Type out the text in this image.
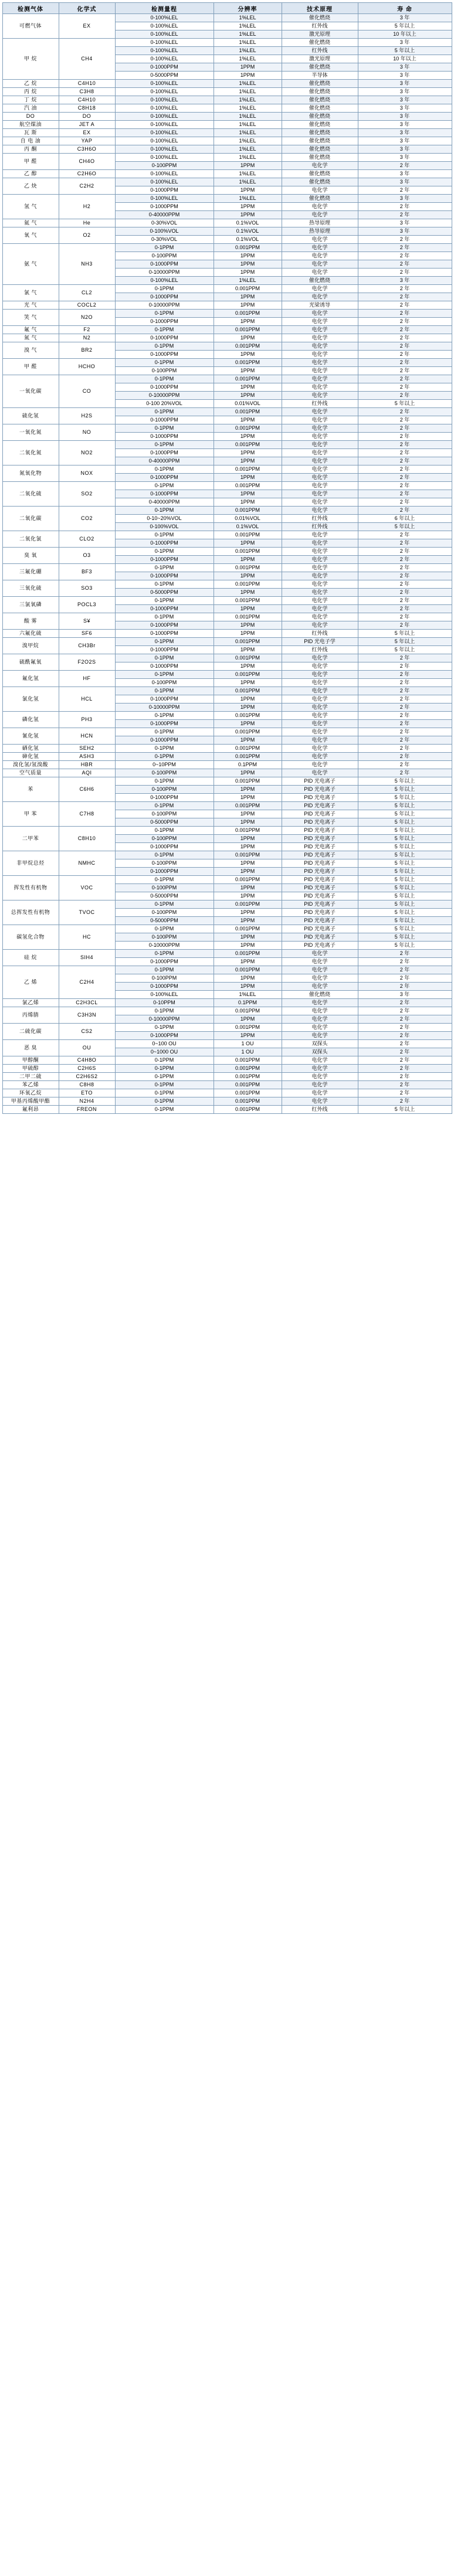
检测气体	化学式	检测量程	分辨率	技术原理	寿 命
可燃气体	EX	0-100%LEL	1%LEL	催化燃烧	3 年
		0-100%LEL	1%LEL	红外线	5 年以上
		0-100%LEL	1%LEL	激光原理	10 年以上
甲 烷	CH4	0-100%LEL	1%LEL	催化燃烧	3 年
		0-100%LEL	1%LEL	红外线	5 年以上
		0-100%LEL	1%LEL	激光原理	10 年以上
		0-1000PPM	1PPM	催化燃烧	3 年
		0-5000PPM	1PPM	半导体	3 年
乙 烷	C4H10	0-100%LEL	1%LEL	催化燃烧	3 年
丙 烷	C3H8	0-100%LEL	1%LEL	催化燃烧	3 年
丁 烷	C4H10	0-100%LEL	1%LEL	催化燃烧	3 年
汽 油	C8H18	0-100%LEL	1%LEL	催化燃烧	3 年
DO	DO	0-100%LEL	1%LEL	催化燃烧	3 年
航空煤油	JET A	0-100%LEL	1%LEL	催化燃烧	3 年
瓦 斯	EX	0-100%LEL	1%LEL	催化燃烧	3 年
自 电 油	YAP	0-100%LEL	1%LEL	催化燃烧	3 年
丙 酮	C3H6O	0-100%LEL	1%LEL	催化燃烧	3 年
甲 醛	CH4O	0-100%LEL	1%LEL	催化燃烧	3 年
		0-100PPM	1PPM	电化学	2 年
乙 醇	C2H6O	0-100%LEL	1%LEL	催化燃烧	3 年
乙 炔	C2H2	0-100%LEL	1%LEL	催化燃烧	3 年
		0-1000PPM	1PPM	电化学	2 年
氢 气	H2	0-100%LEL	1%LEL	催化燃烧	3 年
		0-1000PPM	1PPM	电化学	2 年
		0-40000PPM	1PPM	电化学	2 年
氦 气	He	0-30%VOL	0.1%VOL	热导原理	3 年
氧 气	O2	0-100%VOL	0.1%VOL	热导原理	3 年
		0-30%VOL	0.1%VOL	电化学	2 年
氨 气	NH3	0-1PPM	0.001PPM	电化学	2 年
		0-100PPM	1PPM	电化学	2 年
		0-1000PPM	1PPM	电化学	2 年
		0-10000PPM	1PPM	电化学	2 年
		0-100%LEL	1%LEL	催化燃烧	3 年
氯 气	CL2	0-1PPM	0.001PPM	电化学	2 年
		0-1000PPM	1PPM	电化学	2 年
光 气	COCL2	0-10000PPM	1PPM	光梁诱导	2 年
笑 气	N2O	0-1PPM	0.001PPM	电化学	2 年
		0-1000PPM	1PPM	电化学	2 年
氟 气	F2	0-1PPM	0.001PPM	电化学	2 年
氮 气	N2	0-1000PPM	1PPM	电化学	2 年
溴 气	BR2	0-1PPM	0.001PPM	电化学	2 年
		0-1000PPM	1PPM	电化学	2 年
甲 醛	HCHO	0-1PPM	0.001PPM	电化学	2 年
		0-100PPM	1PPM	电化学	2 年
一氧化碳	CO	0-1PPM	0.001PPM	电化学	2 年
		0-1000PPM	1PPM	电化学	2 年
		0-10000PPM	1PPM	电化学	2 年
		0-100 20%VOL	0.01%VOL	红外线	5 年以上
硫化氢	H2S	0-1PPM	0.001PPM	电化学	2 年
		0-1000PPM	1PPM	电化学	2 年
一氧化氮	NO	0-1PPM	0.001PPM	电化学	2 年
		0-1000PPM	1PPM	电化学	2 年
二氧化氮	NO2	0-1PPM	0.001PPM	电化学	2 年
		0-1000PPM	1PPM	电化学	2 年
		0-40000PPM	1PPM	电化学	2 年
氮氧化物	NOX	0-1PPM	0.001PPM	电化学	2 年
		0-1000PPM	1PPM	电化学	2 年
二氧化硫	SO2	0-1PPM	0.001PPM	电化学	2 年
		0-1000PPM	1PPM	电化学	2 年
		0-40000PPM	1PPM	电化学	2 年
二氧化碳	CO2	0-1PPM	0.001PPM	电化学	2 年
		0-10~20%VOL	0.01%VOL	红外线	6 年以上
		0-100%VOL	0.1%VOL	红外线	5 年以上
二氧化氯	CLO2	0-1PPM	0.001PPM	电化学	2 年
		0-1000PPM	1PPM	电化学	2 年
臭 氧	O3	0-1PPM	0.001PPM	电化学	2 年
		0-1000PPM	1PPM	电化学	2 年
三氟化硼	BF3	0-1PPM	0.001PPM	电化学	2 年
		0-1000PPM	1PPM	电化学	2 年
三氧化硫	SO3	0-1PPM	0.001PPM	电化学	2 年
		0-5000PPM	1PPM	电化学	2 年
三氯氧磷	POCL3	0-1PPM	0.001PPM	电化学	2 年
		0-1000PPM	1PPM	电化学	2 年
酸 雾	S¥	0-1PPM	0.001PPM	电化学	2 年
		0-1000PPM	1PPM	电化学	2 年
六氟化硫	SF6	0-1000PPM	1PPM	红外线	5 年以上
溴甲烷	CH3Br	0-1PPM	0.001PPM	PID 光电子学	5 年以上
		0-1000PPM	1PPM	红外线	5 年以上
硫酰氟氧	F2O2S	0-1PPM	0.001PPM	电化学	2 年
		0-1000PPM	1PPM	电化学	2 年
氟化氢	HF	0-1PPM	0.001PPM	电化学	2 年
		0-100PPM	1PPM	电化学	2 年
氯化氢	HCL	0-1PPM	0.001PPM	电化学	2 年
		0-1000PPM	1PPM	电化学	2 年
		0-10000PPM	1PPM	电化学	2 年
磷化氢	PH3	0-1PPM	0.001PPM	电化学	2 年
		0-1000PPM	1PPM	电化学	2 年
氰化氢	HCN	0-1PPM	0.001PPM	电化学	2 年
		0-1000PPM	1PPM	电化学	2 年
硒化氢	SEH2	0-1PPM	0.001PPM	电化学	2 年
砷化氢	ASH3	0-1PPM	0.001PPM	电化学	2 年
溴化氢/氢溴酸	HBR	0~10PPM	0.1PPM	电化学	2 年
空气质量	AQI	0-100PPM	1PPM	电化学	2 年
苯	C6H6	0-1PPM	0.001PPM	PID 光电离子	5 年以上
		0-100PPM	1PPM	PID 光电离子	5 年以上
		0-1000PPM	1PPM	PID 光电离子	5 年以上
甲 苯	C7H8	0-1PPM	0.001PPM	PID 光电离子	5 年以上
		0-100PPM	1PPM	PID 光电离子	5 年以上
		0-5000PPM	1PPM	PID 光电离子	5 年以上
二甲苯	C8H10	0-1PPM	0.001PPM	PID 光电离子	5 年以上
		0-100PPM	1PPM	PID 光电离子	5 年以上
		0-1000PPM	1PPM	PID 光电离子	5 年以上
非甲烷总烃	NMHC	0-1PPM	0.001PPM	PID 光电离子	5 年以上
		0-100PPM	1PPM	PID 光电离子	5 年以上
		0-1000PPM	1PPM	PID 光电离子	5 年以上
挥发性有机物	VOC	0-1PPM	0.001PPM	PID 光电离子	5 年以上
		0-100PPM	1PPM	PID 光电离子	5 年以上
		0-5000PPM	1PPM	PID 光电离子	5 年以上
总挥发性有机物	TVOC	0-1PPM	0.001PPM	PID 光电离子	5 年以上
		0-100PPM	1PPM	PID 光电离子	5 年以上
		0-5000PPM	1PPM	PID 光电离子	5 年以上
碳氢化合物	HC	0-1PPM	0.001PPM	PID 光电离子	5 年以上
		0-100PPM	1PPM	PID 光电离子	5 年以上
		0-10000PPM	1PPM	PID 光电离子	5 年以上
硅 烷	SIH4	0-1PPM	0.001PPM	电化学	2 年
		0-1000PPM	1PPM	电化学	2 年
乙 烯	C2H4	0-1PPM	0.001PPM	电化学	2 年
		0-100PPM	1PPM	电化学	2 年
		0-1000PPM	1PPM	电化学	2 年
		0-100%LEL	1%LEL	催化燃烧	3 年
氯乙烯	C2H3CL	0-10PPM	0.1PPM	电化学	2 年
丙烯腈	C3H3N	0-1PPM	0.001PPM	电化学	2 年
		0-10000PPM	1PPM	电化学	2 年
二硫化碳	CS2	0-1PPM	0.001PPM	电化学	2 年
		0-1000PPM	1PPM	电化学	2 年
恶 臭	OU	0~100 OU	1 OU	双探头	2 年
		0~1000 OU	1 OU	双探头	2 年
甲醇酮	C4H8O	0-1PPM	0.001PPM	电化学	2 年
甲硫醇	C2H6S	0-1PPM	0.001PPM	电化学	2 年
二甲二硫	C2H6S2	0-1PPM	0.001PPM	电化学	2 年
苯乙烯	C8H8	0-1PPM	0.001PPM	电化学	2 年
环氧乙烷	ETO	0-1PPM	0.001PPM	电化学	2 年
甲基丙烯酸甲酯	N2H4	0-1PPM	0.001PPM	电化学	2 年
氟利昂	FREON	0-1PPM	0.001PPM	红外线	5 年以上
